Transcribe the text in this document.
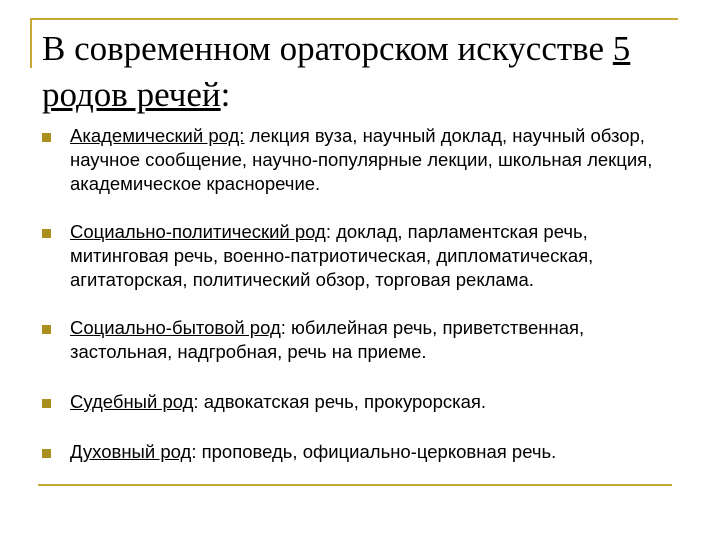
В современном ораторском искусстве 5
родов речей:
Академический род: лекция вуза, научный доклад, научный обзор, научное сообщение, научно-популярные лекции, школьная лекция, академическое красноречие.
Социально-политический род: доклад, парламентская речь, митинговая речь, военно-патриотическая, дипломатическая, агитаторская, политический обзор, торговая реклама.
Социально-бытовой род: юбилейная речь, приветственная, застольная, надгробная, речь на приеме.
Судебный род: адвокатская речь, прокурорская.
Духовный род: проповедь, официально-церковная речь.
